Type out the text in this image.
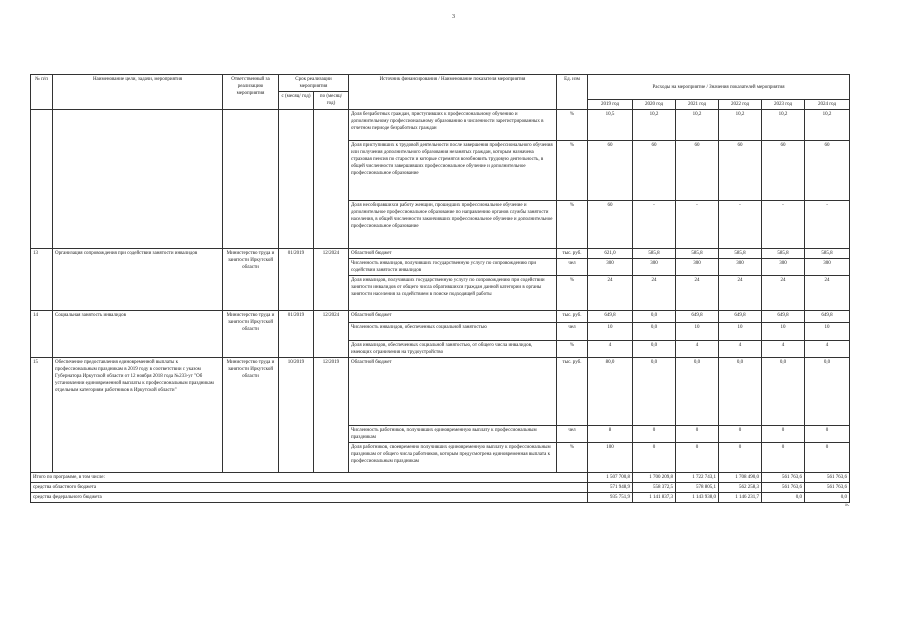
3
№ п/п	Наименование цели, задачи, мероприятия	Ответственный за реализацию мероприятия	Срок реализации мероприятия		Источник финансирования / Наименование показателя мероприятия	Ед. изм	Расходы на мероприятие / Значения показателей мероприятия					
			с (месяц/ год)	по (месяц/ год)								
							2019 год	2020 год	2021 год	2022 год	2023 год	2024 год
					Доля безработных граждан, приступивших к профессиональному обучению и дополнительному профессиональному образованию в численности зарегистрированных в отчетном периоде безработных граждан	%	10,5	10,2	10,2	10,2	10,2	10,2
					Доля приступивших к трудовой деятельности после завершения профессионального обучения или получения дополнительного образования незанятых граждан, которым назначена страховая пенсия по старости и которые стремятся возобновить трудовую деятельность, в общей численности завершивших профессиональное обучение и дополнительное профессиональное образование	%	60	60	60	60	60	60
					Доля несобиравшихся работу женщин, прошедших профессиональное обучение и дополнительное профессиональное образование по направлению органов службы занятости населения, в общей численности закончивших профессиональное обучение и дополнительное профессиональное образование	%	60	-	-	-	-	-
13	Организация сопровождения при содействии занятости инвалидов	Министерство труда и занятости Иркутской области	01/2019	12/2024	Областной бюджет	тыс. руб.	621,0	585,8	585,8	585,8	585,8	585,8
					Численность инвалидов, получивших государственную услугу по сопровождению при содействии занятости инвалидов	чел	300	300	300	300	300	300
					Доля инвалидов, получивших государственную услугу по сопровождению при содействии занятости инвалидов от общего числа обратившихся граждан данной категории в органы занятости населения за содействием в поиске подходящей работы	%	24	24	24	24	24	24
14	Социальная занятость инвалидов	Министерство труда и занятости Иркутской области	01/2019	12/2024	Областной бюджет	тыс. руб.	649,8	0,0	649,8	649,8	649,8	649,8
					Численность инвалидов, обеспеченных социальной занятостью	чел	10	0,0	10	10	10	10
					Доля инвалидов, обеспеченных социальной занятостью, от общего числа инвалидов, имеющих ограничения на трудоустройство	%	4	0,0	4	4	4	4
15	Обеспечение предоставления единовременной выплаты к профессиональным праздникам в 2019 году в соответствии с указом Губернатора Иркутской области от 12 ноября 2018 года №233-уг "Об установлении единовременной выплаты к профессиональным праздникам отдельным категориям работников в Иркутской области"	Министерство труда и занятости Иркутской области	10/2019	12/2019	Областной бюджет	тыс. руб.	80,0	0,0	0,0	0,0	0,0	0,0
					Численность работников, получивших единовременную выплату к профессиональным праздникам	чел	8	0	0	0	0	0
					Доля работников, своевременно получивших единовременную выплату к профессиональным праздникам от общего числа работников, которым предусмотрена единовременная выплата к профессиональным праздникам	%	100	0	0	0	0	0
Итого по программе, в том числе:							1 507 700,8	1 700 209,8	1 722 743,1	1 708 490,0	561 763,6	561 763,6
средства областного бюджета							571 948,9	558 372,5	578 805,1	562 258,3	561 763,6	561 763,6
средства федерального бюджета							935 751,9	1 141 837,3	1 143 938,0	1 146 231,7	0,0	0,0
».
